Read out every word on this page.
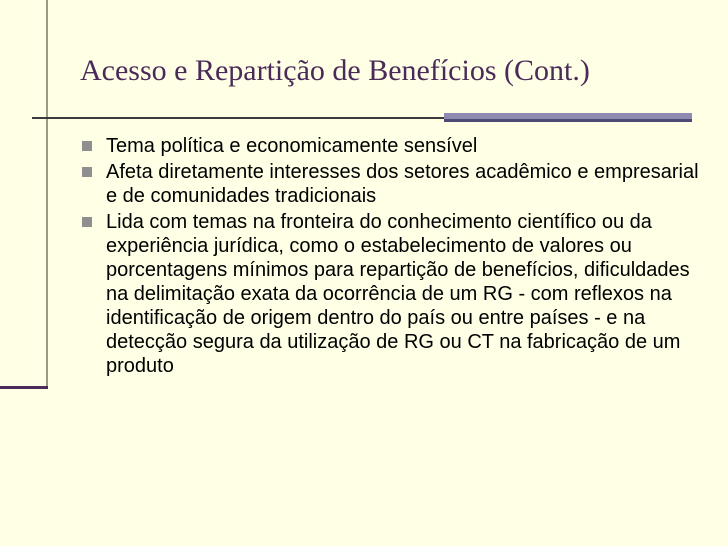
Acesso e Repartição de Benefícios (Cont.)
Tema política e economicamente sensível
Afeta diretamente interesses dos setores acadêmico e empresarial e de comunidades tradicionais
Lida com temas na fronteira do conhecimento científico ou da experiência jurídica, como o estabelecimento de valores ou porcentagens mínimos para repartição de benefícios, dificuldades na delimitação exata da ocorrência de um RG - com reflexos na identificação de origem dentro do país ou entre países - e na detecção segura da utilização de RG ou CT na fabricação de um produto
